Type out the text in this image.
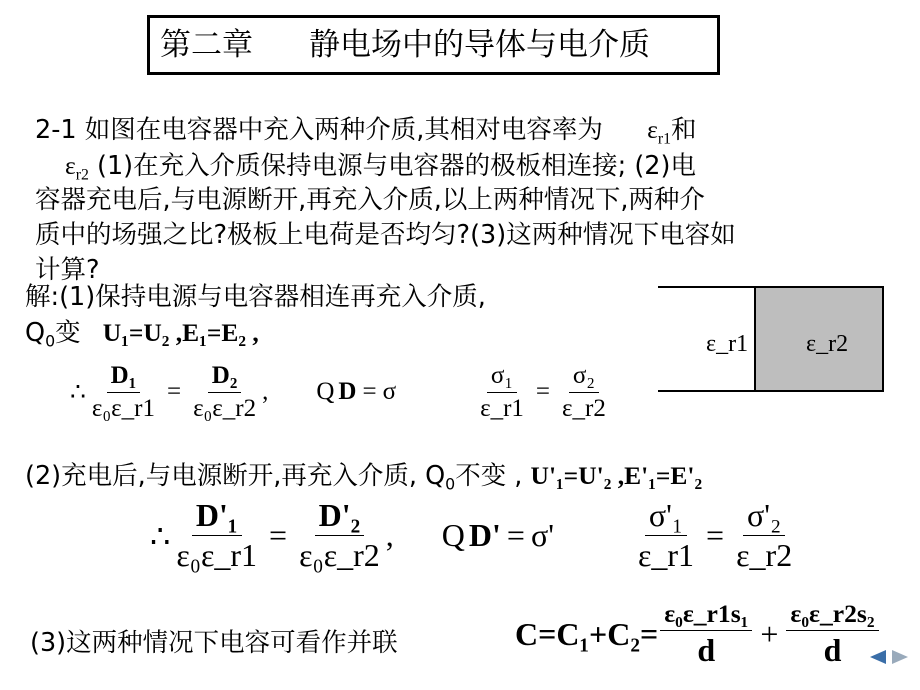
第二章 静电场中的导体与电介质
2-1 如图在电容器中充入两种介质,其相对电容率为 $\varepsilon_{r1}$和
$\varepsilon_{r2}$ (1)在充入介质保持电源与电容器的极板相连接; (2)电
容器充电后,与电源断开,再充入介质,以上两种情况下,两种介
质中的场强之比?极板上电荷是否均匀?(3)这两种情况下电容如
计算?
解:(1)保持电源与电容器相连再充入介质,
$Q_0$变 U₁=U₂ ,E₁=E₂ ,
∴ $\frac{\text{D₁}}{\text{ε₀ε\_r1}} = \frac{\text{D₂}}{\text{ε₀ε\_r2}}$ , Q D = σ	$\frac{\text{σ₁}}{\varepsilon\_r1} = \frac{\text{σ₂}}{\varepsilon\_r2}$
(2)充电后,与电源断开,再充入介质, $Q_0$不变 , U'₁=U'₂ ,E'₁=E'₂
∴ $\frac{\text{D'₁}}{\text{ε₀ε\_r1}} = \frac{\text{D'₂}}{\text{ε₀ε\_r2}}$ , Q D' = σ'	$\frac{\text{σ'₁}}{\varepsilon\_r1} = \frac{\text{σ'₂}}{\varepsilon\_r2}$
(3)这两种情况下电容可看作并联	$C=C_1+C_2= \frac{\text{ε₀ε\_r1s₁}}{d} + \frac{\text{ε₀ε\_r2s₂}}{d}$
ε_r1 ε_r2
